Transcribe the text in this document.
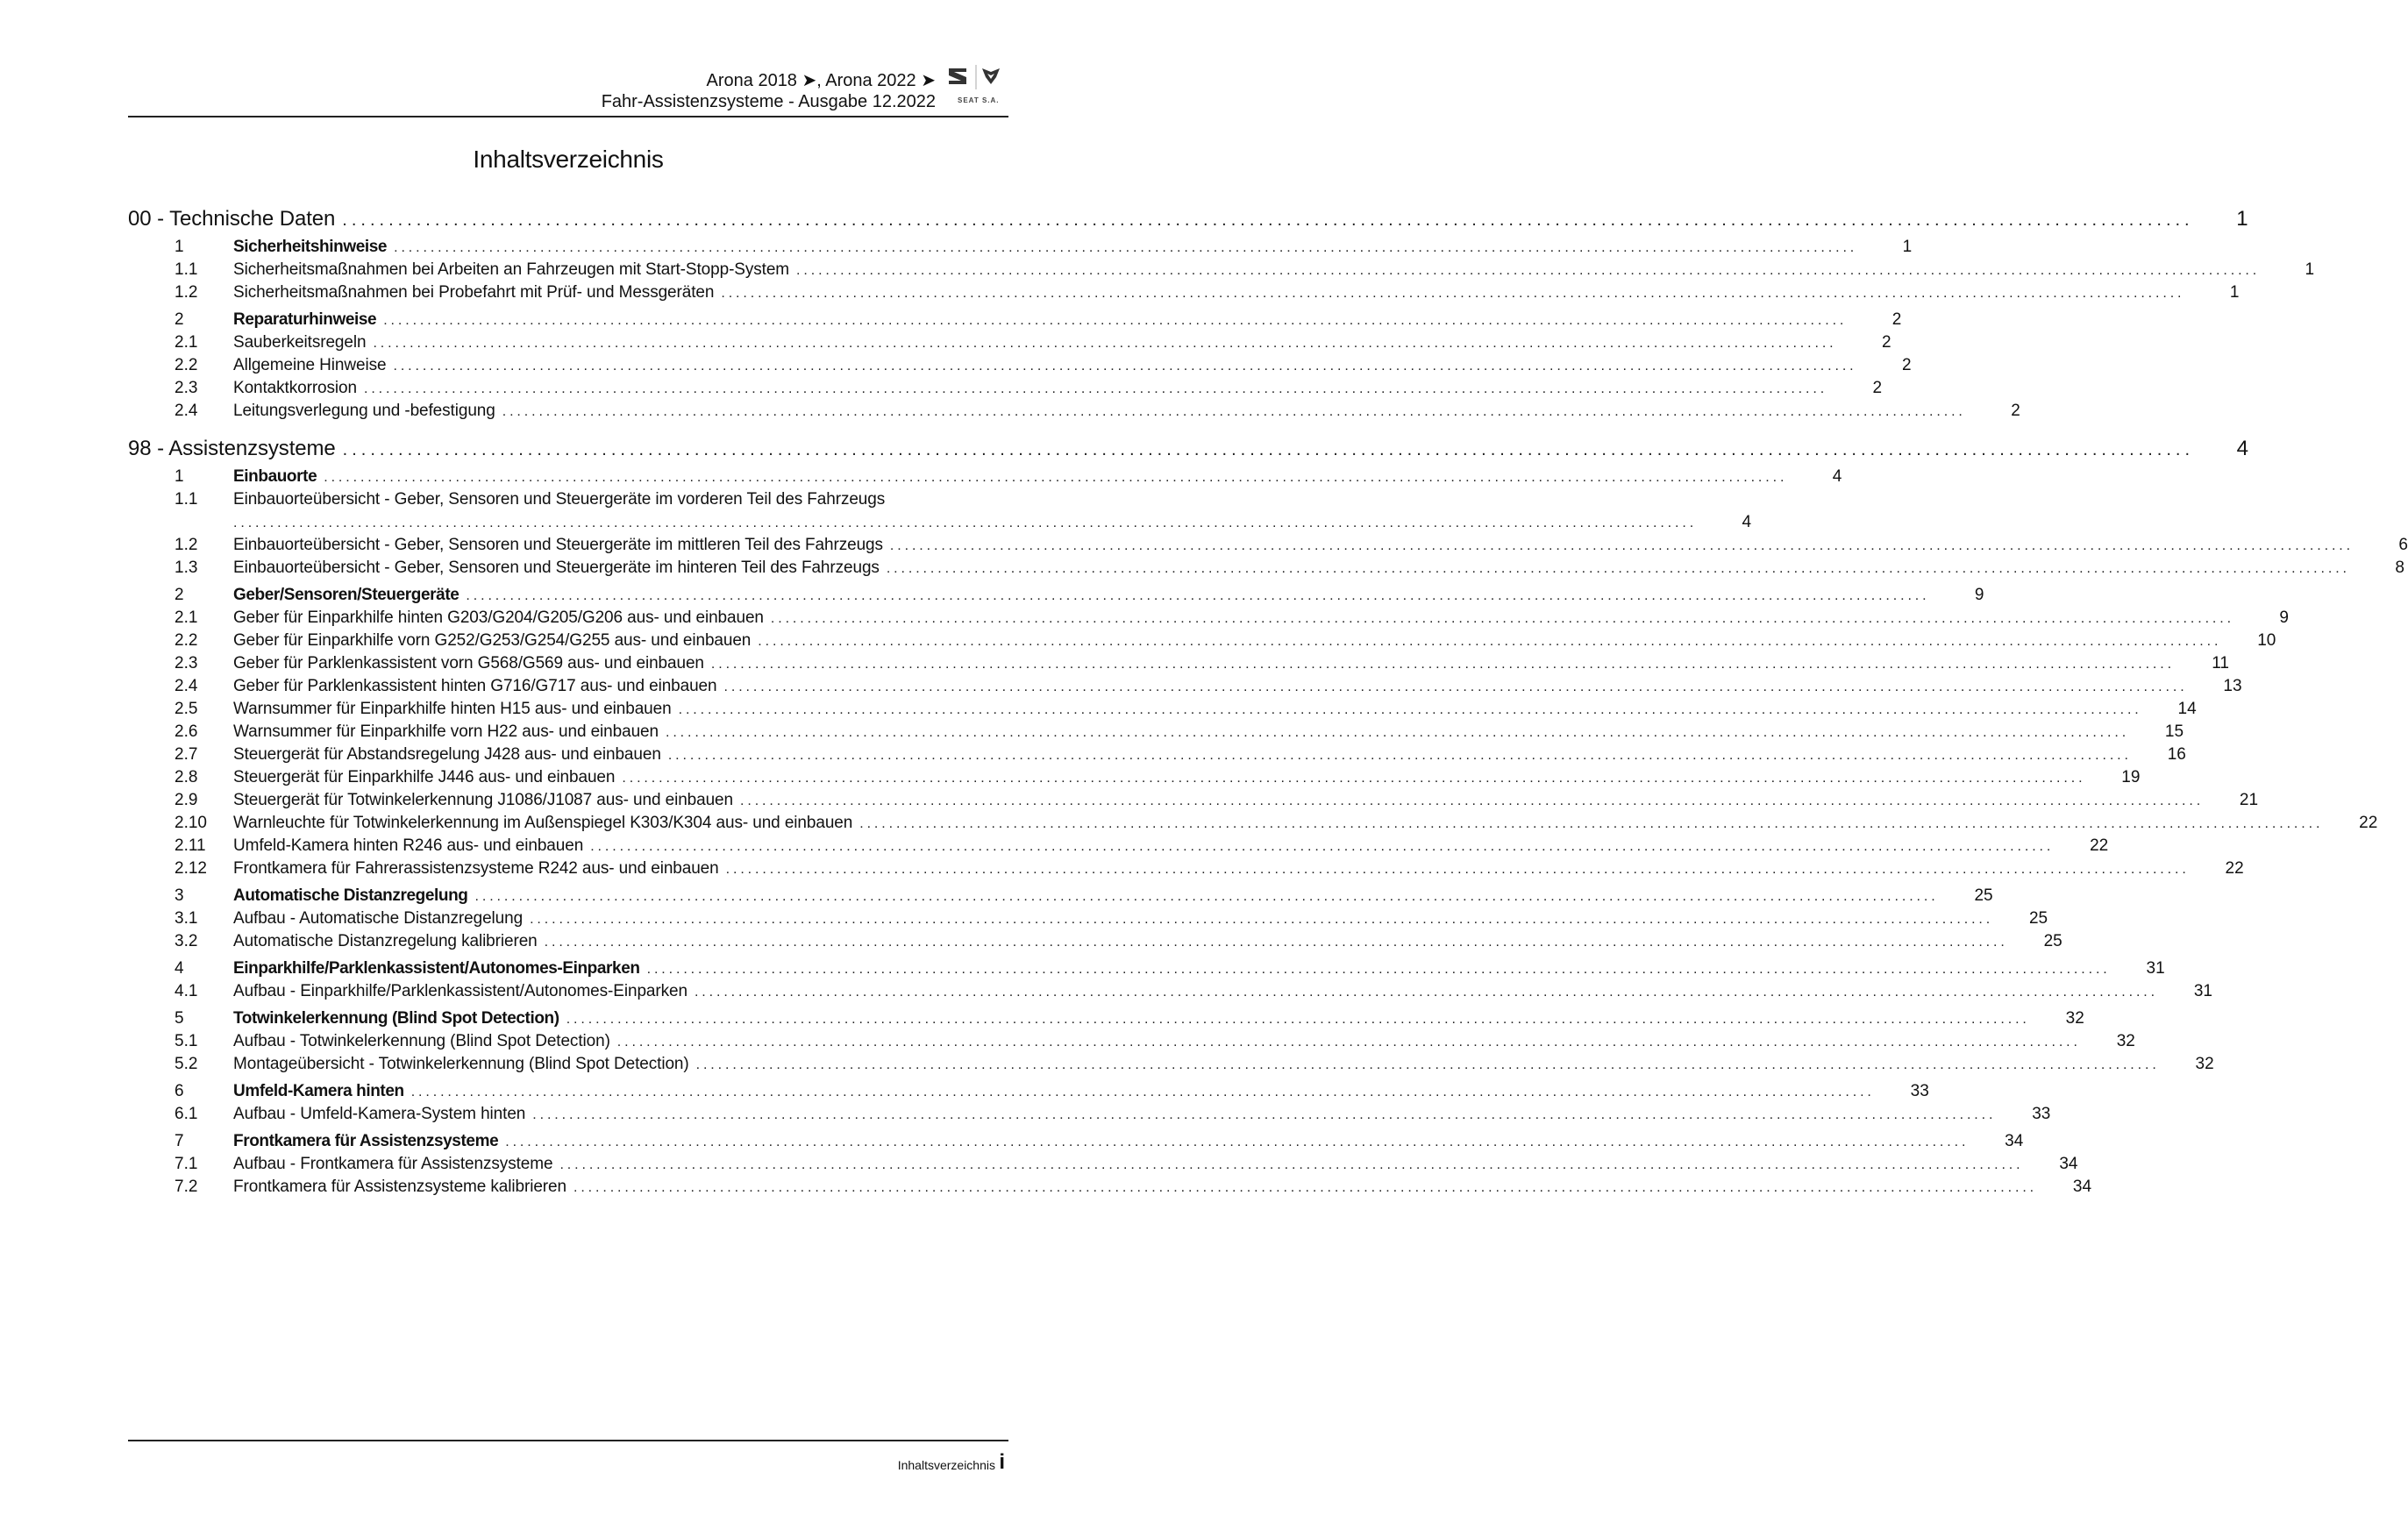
Arona 2018 ➤, Arona 2022 ➤
Fahr-Assistenzsysteme - Ausgabe 12.2022	SEAT S.A.
Inhaltsverzeichnis
00 - Technische Daten ........................................................................................................................................................................................................	1
1	Sicherheitshinweise ........................................................................................................................................................................................................	1
1.1	Sicherheitsmaßnahmen bei Arbeiten an Fahrzeugen mit Start-Stopp-System ........................................................................................................................................................................................................	1
1.2	Sicherheitsmaßnahmen bei Probefahrt mit Prüf- und Messgeräten ........................................................................................................................................................................................................	1
2	Reparaturhinweise ........................................................................................................................................................................................................	2
2.1	Sauberkeitsregeln ........................................................................................................................................................................................................	2
2.2	Allgemeine Hinweise ........................................................................................................................................................................................................	2
2.3	Kontaktkorrosion ........................................................................................................................................................................................................	2
2.4	Leitungsverlegung und -befestigung ........................................................................................................................................................................................................	2
98 - Assistenzsysteme ........................................................................................................................................................................................................	4
1	Einbauorte ........................................................................................................................................................................................................	4
1.1	Einbauorteübersicht - Geber, Sensoren und Steuergeräte im vorderen Teil des Fahrzeugs
........................................................................................................................................................................................................	4
1.2	Einbauorteübersicht - Geber, Sensoren und Steuergeräte im mittleren Teil des Fahrzeugs ........................................................................................................................................................................................................	6
1.3	Einbauorteübersicht - Geber, Sensoren und Steuergeräte im hinteren Teil des Fahrzeugs ........................................................................................................................................................................................................	8
2	Geber/Sensoren/Steuergeräte ........................................................................................................................................................................................................	9
2.1	Geber für Einparkhilfe hinten G203/G204/G205/G206 aus- und einbauen ........................................................................................................................................................................................................	9
2.2	Geber für Einparkhilfe vorn G252/G253/G254/G255 aus- und einbauen ........................................................................................................................................................................................................	10
2.3	Geber für Parklenkassistent vorn G568/G569 aus- und einbauen ........................................................................................................................................................................................................	11
2.4	Geber für Parklenkassistent hinten G716/G717 aus- und einbauen ........................................................................................................................................................................................................	13
2.5	Warnsummer für Einparkhilfe hinten H15 aus- und einbauen ........................................................................................................................................................................................................	14
2.6	Warnsummer für Einparkhilfe vorn H22 aus- und einbauen ........................................................................................................................................................................................................	15
2.7	Steuergerät für Abstandsregelung J428 aus- und einbauen ........................................................................................................................................................................................................	16
2.8	Steuergerät für Einparkhilfe J446 aus- und einbauen ........................................................................................................................................................................................................	19
2.9	Steuergerät für Totwinkelerkennung J1086/J1087 aus- und einbauen ........................................................................................................................................................................................................	21
2.10	Warnleuchte für Totwinkelerkennung im Außenspiegel K303/K304 aus- und einbauen ........................................................................................................................................................................................................	22
2.11	Umfeld-Kamera hinten R246 aus- und einbauen ........................................................................................................................................................................................................	22
2.12	Frontkamera für Fahrerassistenzsysteme R242 aus- und einbauen ........................................................................................................................................................................................................	22
3	Automatische Distanzregelung ........................................................................................................................................................................................................	25
3.1	Aufbau - Automatische Distanzregelung ........................................................................................................................................................................................................	25
3.2	Automatische Distanzregelung kalibrieren ........................................................................................................................................................................................................	25
4	Einparkhilfe/Parklenkassistent/Autonomes-Einparken ........................................................................................................................................................................................................	31
4.1	Aufbau - Einparkhilfe/Parklenkassistent/Autonomes-Einparken ........................................................................................................................................................................................................	31
5	Totwinkelerkennung (Blind Spot Detection) ........................................................................................................................................................................................................	32
5.1	Aufbau - Totwinkelerkennung (Blind Spot Detection) ........................................................................................................................................................................................................	32
5.2	Montageübersicht - Totwinkelerkennung (Blind Spot Detection) ........................................................................................................................................................................................................	32
6	Umfeld-Kamera hinten ........................................................................................................................................................................................................	33
6.1	Aufbau - Umfeld-Kamera-System hinten ........................................................................................................................................................................................................	33
7	Frontkamera für Assistenzsysteme ........................................................................................................................................................................................................	34
7.1	Aufbau - Frontkamera für Assistenzsysteme ........................................................................................................................................................................................................	34
7.2	Frontkamera für Assistenzsysteme kalibrieren ........................................................................................................................................................................................................	34
Inhaltsverzeichnis i
